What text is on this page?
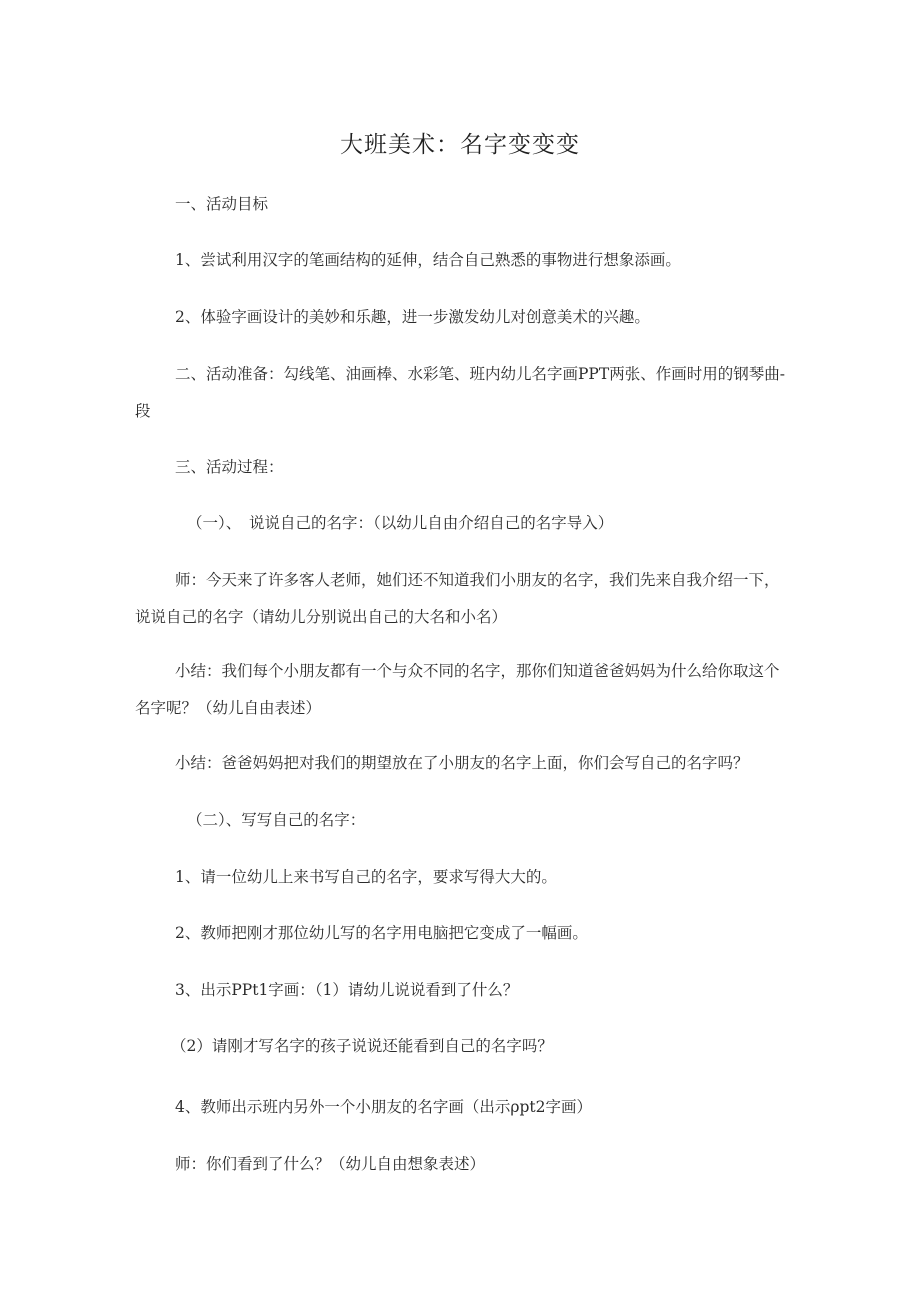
大班美术：名字变变变

一、活动目标

1、尝试利用汉字的笔画结构的延伸，结合自己熟悉的事物进行想象添画。

2、体验字画设计的美妙和乐趣，进一步激发幼儿对创意美术的兴趣。

二、活动准备：勾线笔、油画棒、水彩笔、班内幼儿名字画PPT两张、作画时用的钢琴曲-段

三、活动过程：

（一）、　说说自己的名字：（以幼儿自由介绍自己的名字导入）

师：今天来了许多客人老师，她们还不知道我们小朋友的名字，我们先来自我介绍一下，说说自己的名字（请幼儿分别说出自己的大名和小名）

小结：我们每个小朋友都有一个与众不同的名字，那你们知道爸爸妈妈为什么给你取这个名字呢？（幼儿自由表述）

小结：爸爸妈妈把对我们的期望放在了小朋友的名字上面，你们会写自己的名字吗？

（二）、写写自己的名字：

1、请一位幼儿上来书写自己的名字，要求写得大大的。

2、教师把刚才那位幼儿写的名字用电脑把它变成了一幅画。

3、出示PPt1字画：（1）请幼儿说说看到了什么？

（2）请刚才写名字的孩子说说还能看到自己的名字吗？

4、教师出示班内另外一个小朋友的名字画（出示ρpt2字画）

师：你们看到了什么？（幼儿自由想象表述）
